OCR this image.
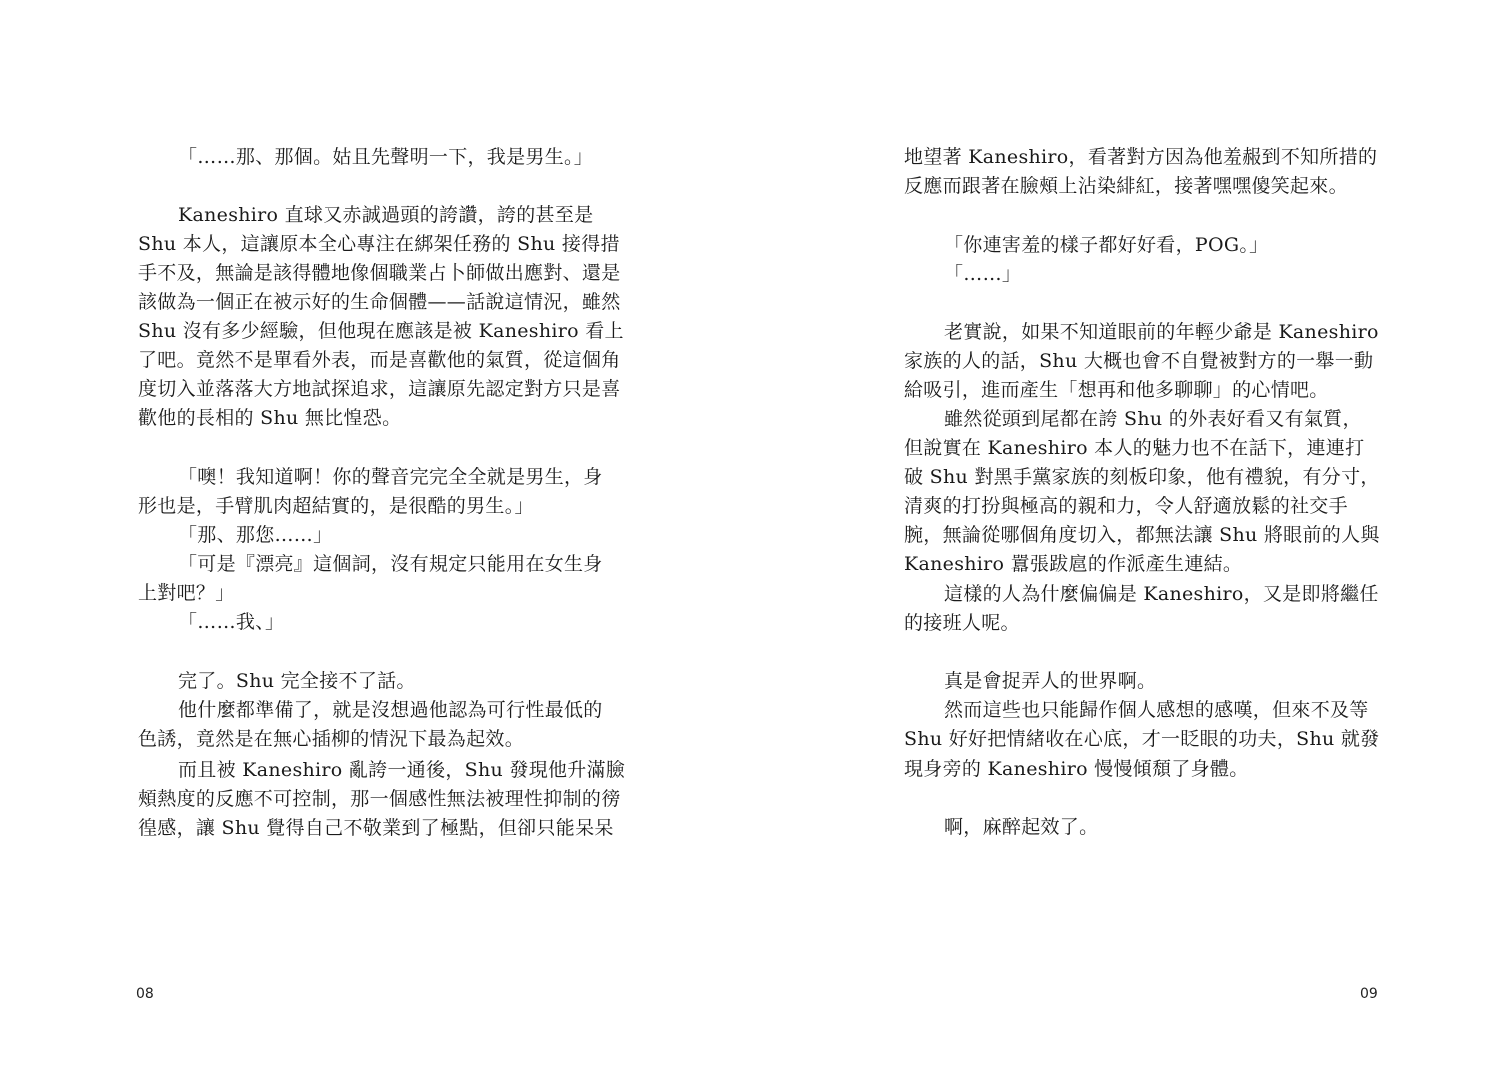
「……那、那個。姑且先聲明一下，我是男生。」
Kaneshiro 直球又赤誠過頭的誇讚，誇的甚至是
Shu 本人，這讓原本全心專注在綁架任務的 Shu 接得措
手不及，無論是該得體地像個職業占卜師做出應對、還是
該做為一個正在被示好的生命個體——話說這情況，雖然
Shu 沒有多少經驗，但他現在應該是被 Kaneshiro 看上
了吧。竟然不是單看外表，而是喜歡他的氣質，從這個角
度切入並落落大方地試探追求，這讓原先認定對方只是喜
歡他的長相的 Shu 無比惶恐。
「噢！我知道啊！你的聲音完完全全就是男生，身
形也是，手臂肌肉超結實的，是很酷的男生。」
「那、那您……」
「可是『漂亮』這個詞，沒有規定只能用在女生身
上對吧？」
「……我、」
完了。Shu 完全接不了話。
他什麼都準備了，就是沒想過他認為可行性最低的
色誘，竟然是在無心插柳的情況下最為起效。
而且被 Kaneshiro 亂誇一通後，Shu 發現他升滿臉
頰熱度的反應不可控制，那一個感性無法被理性抑制的徬
徨感，讓 Shu 覺得自己不敬業到了極點，但卻只能呆呆
08
地望著 Kaneshiro，看著對方因為他羞赧到不知所措的
反應而跟著在臉頰上沾染緋紅，接著嘿嘿傻笑起來。
「你連害羞的樣子都好好看，POG。」
「……」
老實說，如果不知道眼前的年輕少爺是 Kaneshiro
家族的人的話，Shu 大概也會不自覺被對方的一舉一動
給吸引，進而產生「想再和他多聊聊」的心情吧。
雖然從頭到尾都在誇 Shu 的外表好看又有氣質，
但說實在 Kaneshiro 本人的魅力也不在話下，連連打
破 Shu 對黑手黨家族的刻板印象，他有禮貌，有分寸，
清爽的打扮與極高的親和力，令人舒適放鬆的社交手
腕，無論從哪個角度切入，都無法讓 Shu 將眼前的人與
Kaneshiro 囂張跋扈的作派產生連結。
這樣的人為什麼偏偏是 Kaneshiro，又是即將繼任
的接班人呢。
真是會捉弄人的世界啊。
然而這些也只能歸作個人感想的感嘆，但來不及等
Shu 好好把情緒收在心底，才一眨眼的功夫，Shu 就發
現身旁的 Kaneshiro 慢慢傾頹了身體。
啊，麻醉起效了。
09
